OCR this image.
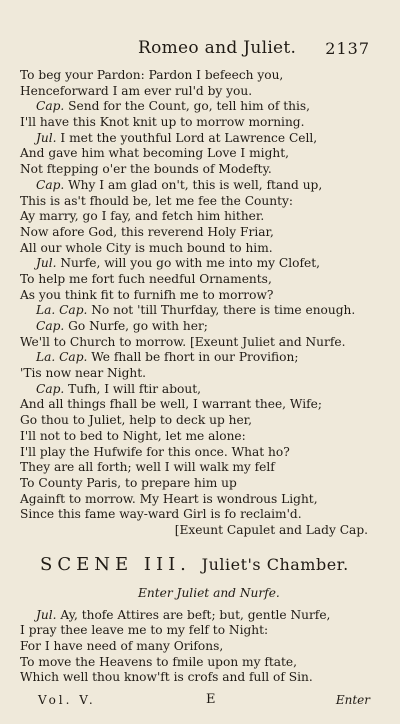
Romeo and Juliet. 2137
To beg your Pardon: Pardon I befeech you,
Henceforward I am ever rul'd by you.
Cap. Send for the Count, go, tell him of this,
I'll have this Knot knit up to morrow morning.
Jul. I met the youthful Lord at Lawrence Cell,
And gave him what becoming Love I might,
Not ftepping o'er the bounds of Modefty.
Cap. Why I am glad on't, this is well, ftand up,
This is as't fhould be, let me fee the County:
Ay marry, go I fay, and fetch him hither.
Now afore God, this reverend Holy Friar,
All our whole City is much bound to him.
Jul. Nurfe, will you go with me into my Clofet,
To help me fort fuch needful Ornaments,
As you think fit to furnifh me to morrow?
La. Cap. No not 'till Thurfday, there is time enough.
Cap. Go Nurfe, go with her;
We'll to Church to morrow. [Exeunt Juliet and Nurfe.
La. Cap. We fhall be fhort in our Provifion;
'Tis now near Night.
Cap. Tufh, I will ftir about,
And all things fhall be well, I warrant thee, Wife;
Go thou to Juliet, help to deck up her,
I'll not to bed to Night, let me alone:
I'll play the Hufwife for this once. What ho?
They are all forth; well I will walk my felf
To County Paris, to prepare him up
Againft to morrow. My Heart is wondrous Light,
Since this fame way-ward Girl is fo reclaim'd.
[Exeunt Capulet and Lady Cap.
SCENE III. Juliet's Chamber.
Enter Juliet and Nurfe.
Jul. Ay, thofe Attires are beft; but, gentle Nurfe,
I pray thee leave me to my felf to Night:
For I have need of many Orifons,
To move the Heavens to fmile upon my ftate,
Which well thou know'ft is crofs and full of Sin.
Vol. V.	E	Enter
